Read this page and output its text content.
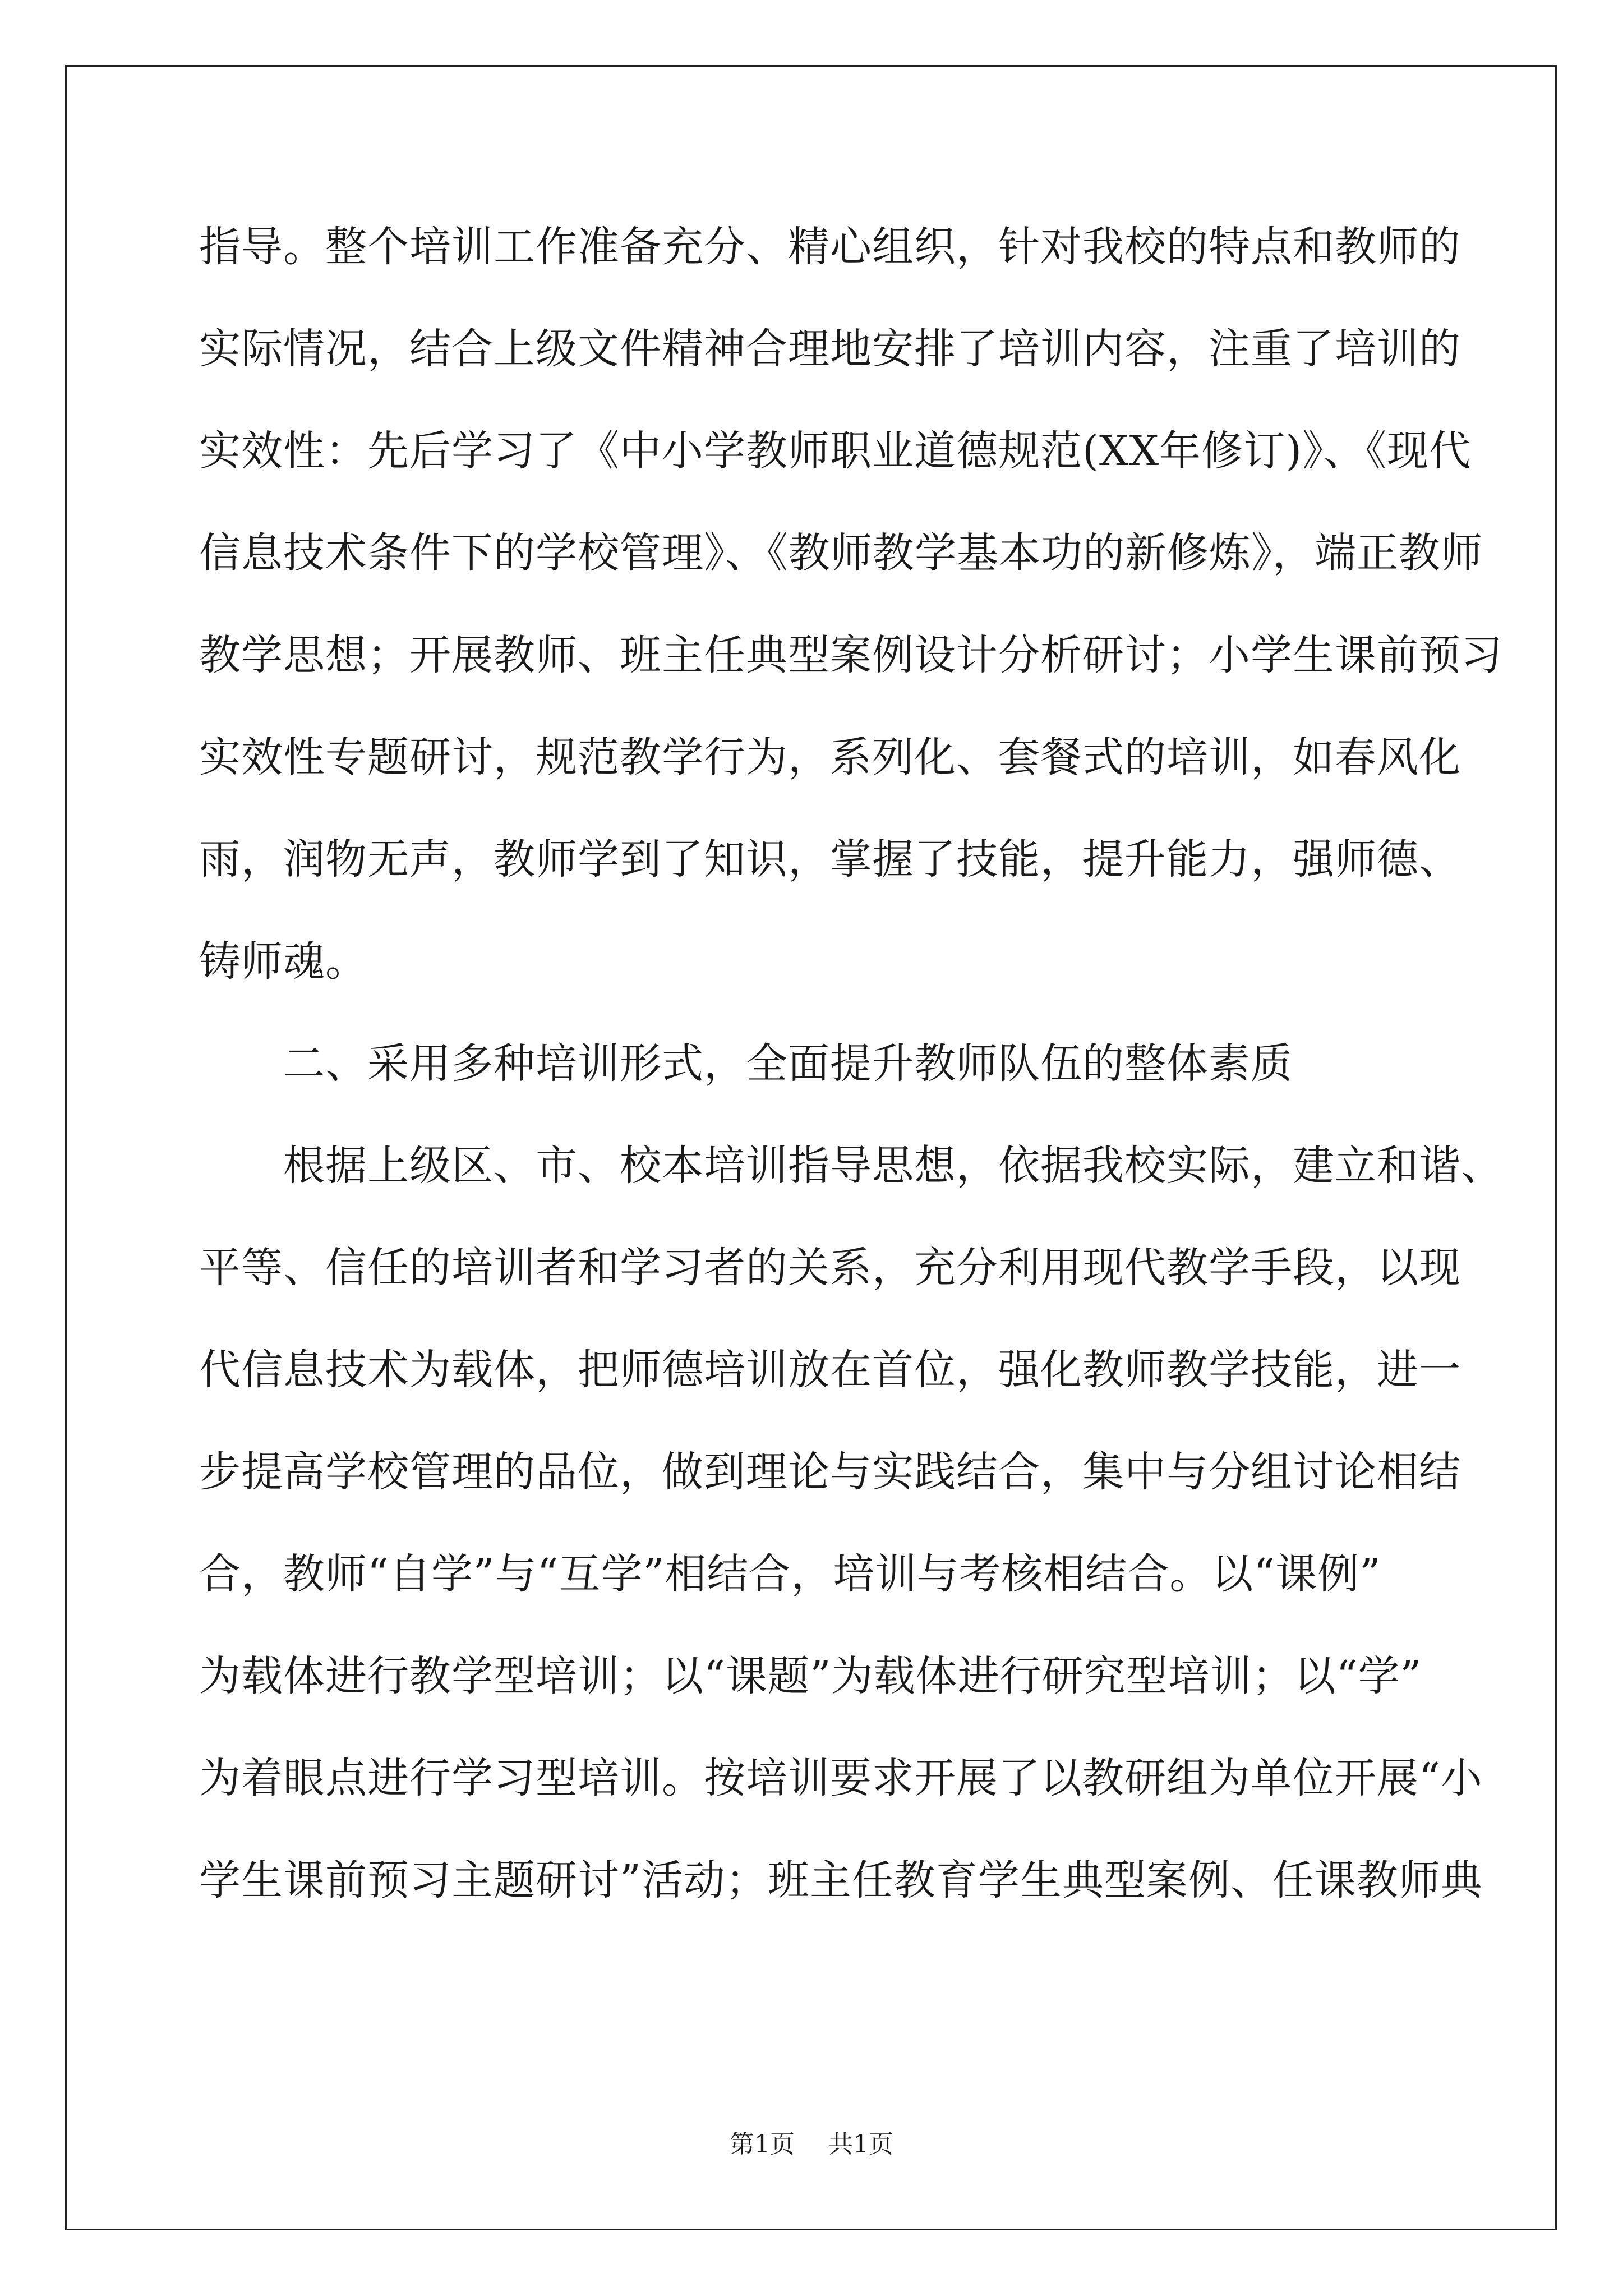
指导。整个培训工作准备充分、精心组织，针对我校的特点和教师的
实际情况，结合上级文件精神合理地安排了培训内容，注重了培训的
实效性：先后学习了《中小学教师职业道德规范(XX年修订)》、《现代
信息技术条件下的学校管理》、《教师教学基本功的新修炼》，端正教师
教学思想；开展教师、班主任典型案例设计分析研讨；小学生课前预习
实效性专题研讨，规范教学行为，系列化、套餐式的培训，如春风化
雨，润物无声，教师学到了知识，掌握了技能，提升能力，强师德、
铸师魂。
二、采用多种培训形式，全面提升教师队伍的整体素质
根据上级区、市、校本培训指导思想，依据我校实际，建立和谐、
平等、信任的培训者和学习者的关系，充分利用现代教学手段，以现
代信息技术为载体，把师德培训放在首位，强化教师教学技能，进一
步提高学校管理的品位，做到理论与实践结合，集中与分组讨论相结
合，教师“自学”与“互学”相结合，培训与考核相结合。以“课例”
为载体进行教学型培训；以“课题”为载体进行研究型培训；以“学”
为着眼点进行学习型培训。按培训要求开展了以教研组为单位开展“小
学生课前预习主题研讨”活动；班主任教育学生典型案例、任课教师典
第1页 共1页
